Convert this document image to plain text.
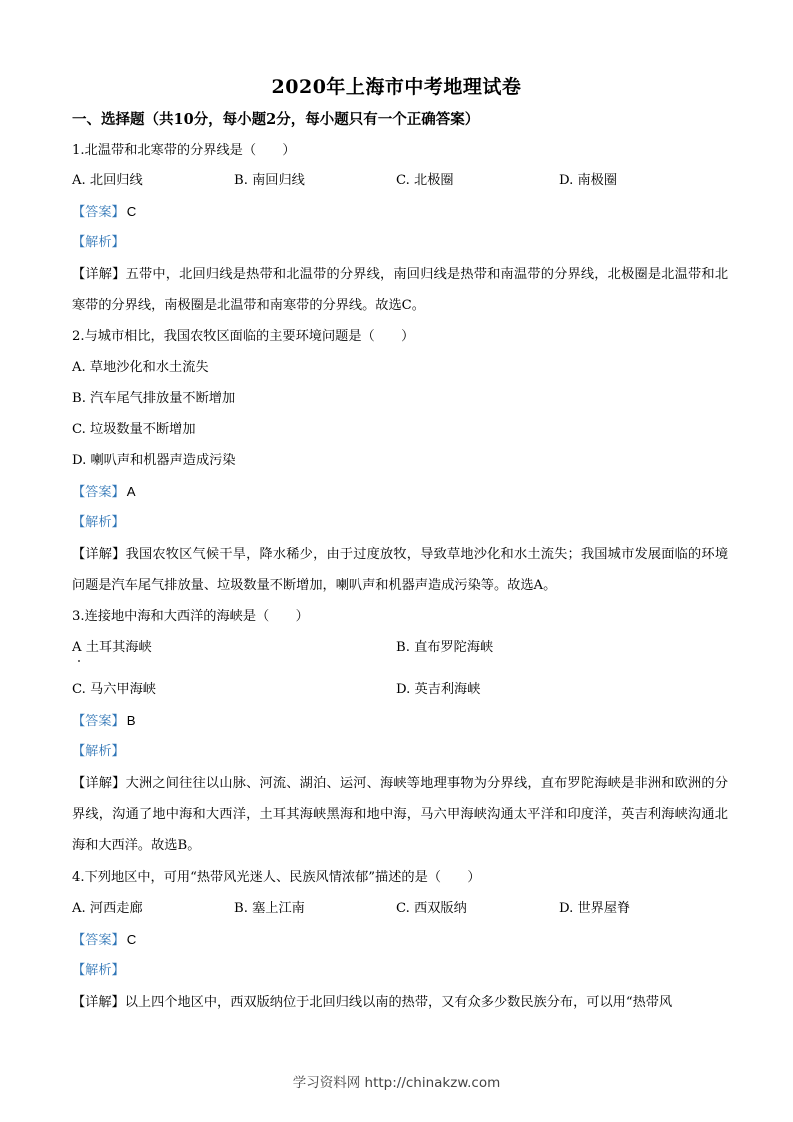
2020年上海市中考地理试卷
一、选择题（共10分，每小题2分，每小题只有一个正确答案）
1.北温带和北寒带的分界线是（　　）
A. 北回归线	B. 南回归线	C. 北极圈	D. 南极圈
【答案】 C
【解析】
【详解】五带中，北回归线是热带和北温带的分界线，南回归线是热带和南温带的分界线，北极圈是北温带和北寒带的分界线，南极圈是北温带和南寒带的分界线。故选C。
2.与城市相比，我国农牧区面临的主要环境问题是（　　）
A. 草地沙化和水土流失
B. 汽车尾气排放量不断增加
C. 垃圾数量不断增加
D. 喇叭声和机器声造成污染
【答案】 A
【解析】
【详解】我国农牧区气候干旱，降水稀少，由于过度放牧，导致草地沙化和水土流失；我国城市发展面临的环境问题是汽车尾气排放量、垃圾数量不断增加，喇叭声和机器声造成污染等。故选A。
3.连接地中海和大西洋的海峡是（　　）
A 土耳其海峡	B. 直布罗陀海峡
C. 马六甲海峡	D. 英吉利海峡
【答案】 B
【解析】
【详解】大洲之间往往以山脉、河流、湖泊、运河、海峡等地理事物为分界线，直布罗陀海峡是非洲和欧洲的分界线，沟通了地中海和大西洋，土耳其海峡黑海和地中海，马六甲海峡沟通太平洋和印度洋，英吉利海峡沟通北海和大西洋。故选B。
4.下列地区中，可用“热带风光迷人、民族风情浓郁”描述的是（　　）
A. 河西走廊	B. 塞上江南	C. 西双版纳	D. 世界屋脊
【答案】 C
【解析】
【详解】以上四个地区中，西双版纳位于北回归线以南的热带，又有众多少数民族分布，可以用“热带风
学习资料网 http://chinakzw.com
